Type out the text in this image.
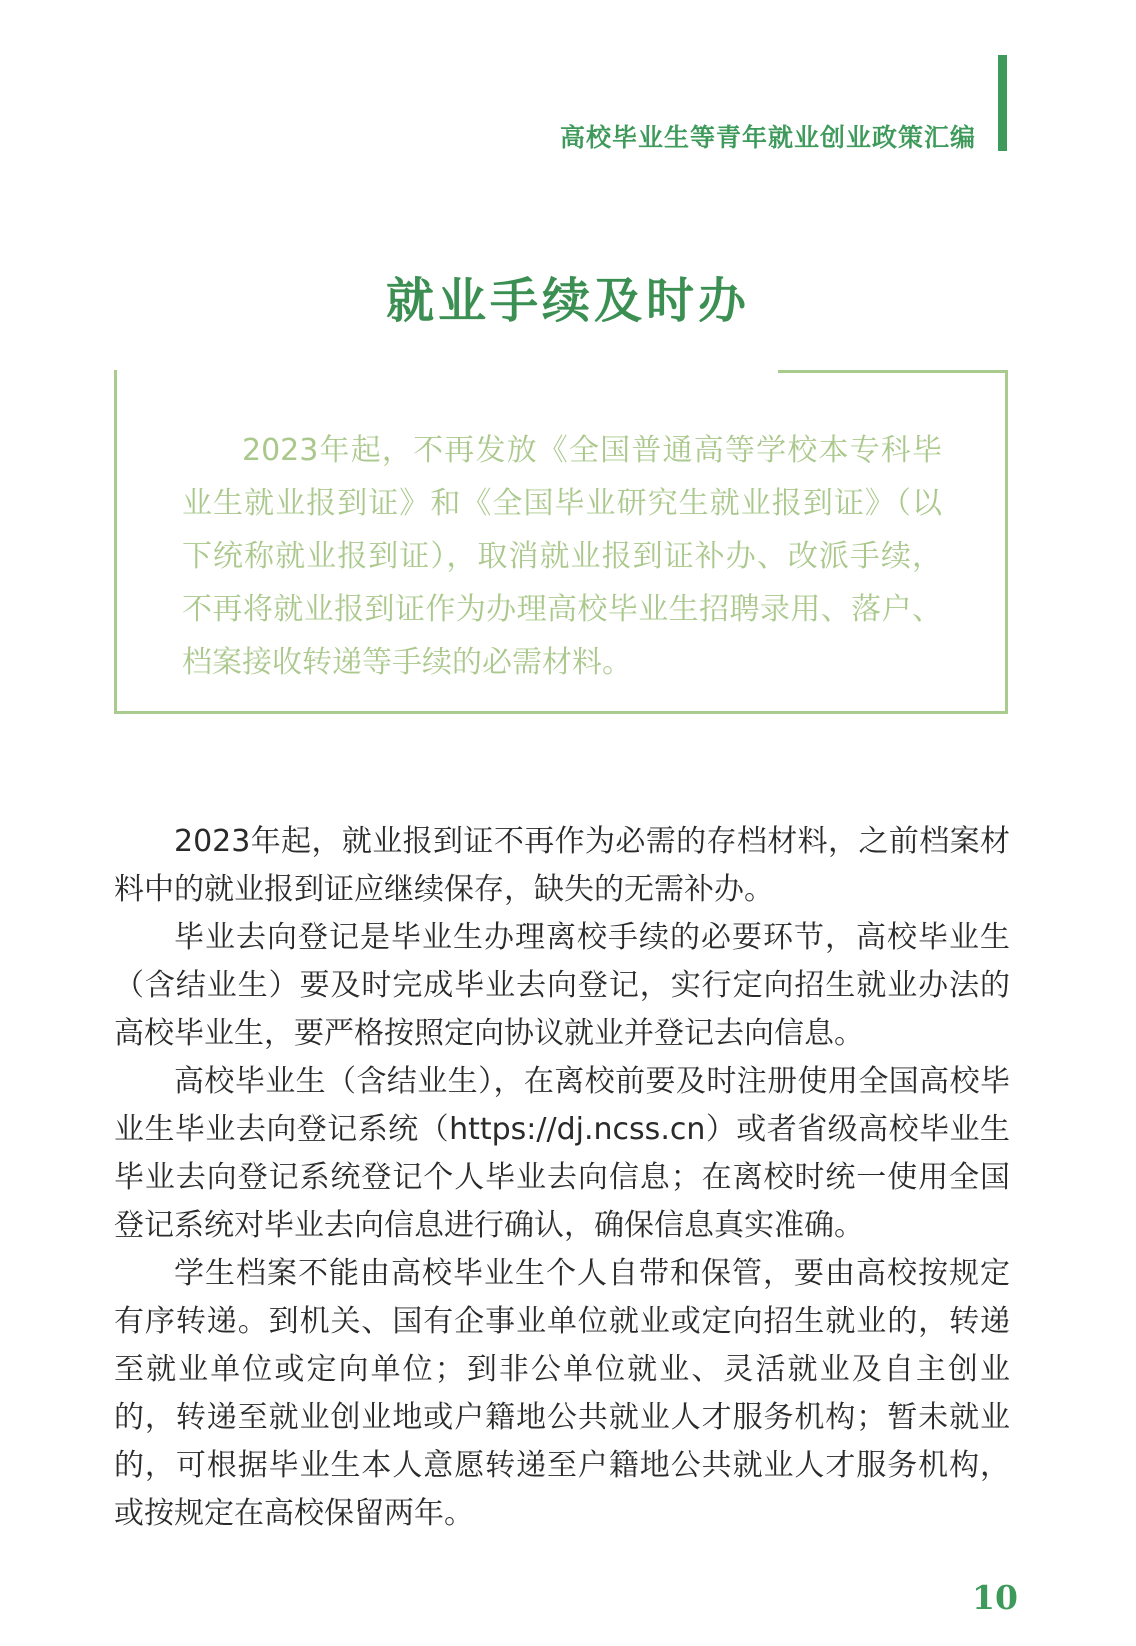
高校毕业生等青年就业创业政策汇编
就业手续及时办

2023年起，不再发放《全国普通高等学校本专科毕业生就业报到证》和《全国毕业研究生就业报到证》（以下统称就业报到证），取消就业报到证补办、改派手续，不再将就业报到证作为办理高校毕业生招聘录用、落户、档案接收转递等手续的必需材料。

2023年起，就业报到证不再作为必需的存档材料，之前档案材料中的就业报到证应继续保存，缺失的无需补办。

毕业去向登记是毕业生办理离校手续的必要环节，高校毕业生（含结业生）要及时完成毕业去向登记，实行定向招生就业办法的高校毕业生，要严格按照定向协议就业并登记去向信息。

高校毕业生（含结业生），在离校前要及时注册使用全国高校毕业生毕业去向登记系统（https://dj.ncss.cn）或者省级高校毕业生毕业去向登记系统登记个人毕业去向信息；在离校时统一使用全国登记系统对毕业去向信息进行确认，确保信息真实准确。

学生档案不能由高校毕业生个人自带和保管，要由高校按规定有序转递。到机关、国有企事业单位就业或定向招生就业的，转递至就业单位或定向单位；到非公单位就业、灵活就业及自主创业的，转递至就业创业地或户籍地公共就业人才服务机构；暂未就业的，可根据毕业生本人意愿转递至户籍地公共就业人才服务机构，或按规定在高校保留两年。

10
